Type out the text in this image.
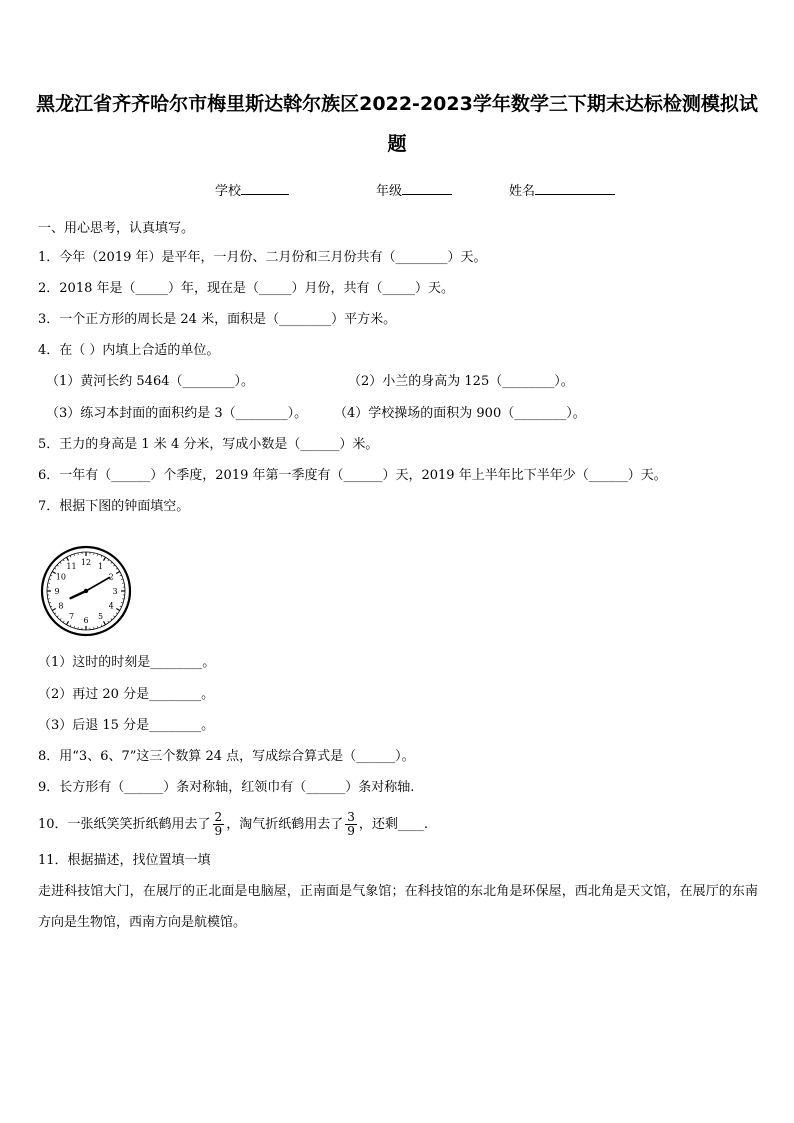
黑龙江省齐齐哈尔市梅里斯达斡尔族区2022-2023学年数学三下期末达标检测模拟试题
学校	年级	姓名
一、用心思考，认真填写。
1．今年（2019 年）是平年，一月份、二月份和三月份共有（________）天。
2．2018 年是（_____）年，现在是（_____）月份，共有（_____）天。
3．一个正方形的周长是 24 米，面积是（________）平方米。
4．在（ ）内填上合适的单位。
（1）黄河长约 5464（________）。	（2）小兰的身高为 125（________）。
（3）练习本封面的面积约是 3（________）。 （4）学校操场的面积为 900（________）。
5．王力的身高是 1 米 4 分米，写成小数是（______）米。
6．一年有（______）个季度，2019 年第一季度有（______）天，2019 年上半年比下半年少（______）天。
7．根据下图的钟面填空。
12 1
2
3
4
5
6
7
8
9
10
11
（1）这时的时刻是________。
（2）再过 20 分是________。
（3）后退 15 分是________。
8．用“3、6、7”这三个数算 24 点，写成综合算式是（______）。
9．长方形有（______）条对称轴，红领巾有（______）条对称轴.
10．一张纸笑笑折纸鹤用去了 $\frac{2}{9}$ ，淘气折纸鹤用去了 $\frac{3}{9}$ ，还剩____.
11．根据描述，找位置填一填
走进科技馆大门，在展厅的正北面是电脑屋，正南面是气象馆；在科技馆的东北角是环保屋，西北角是天文馆，在展厅的东南方向是生物馆，西南方向是航模馆。
